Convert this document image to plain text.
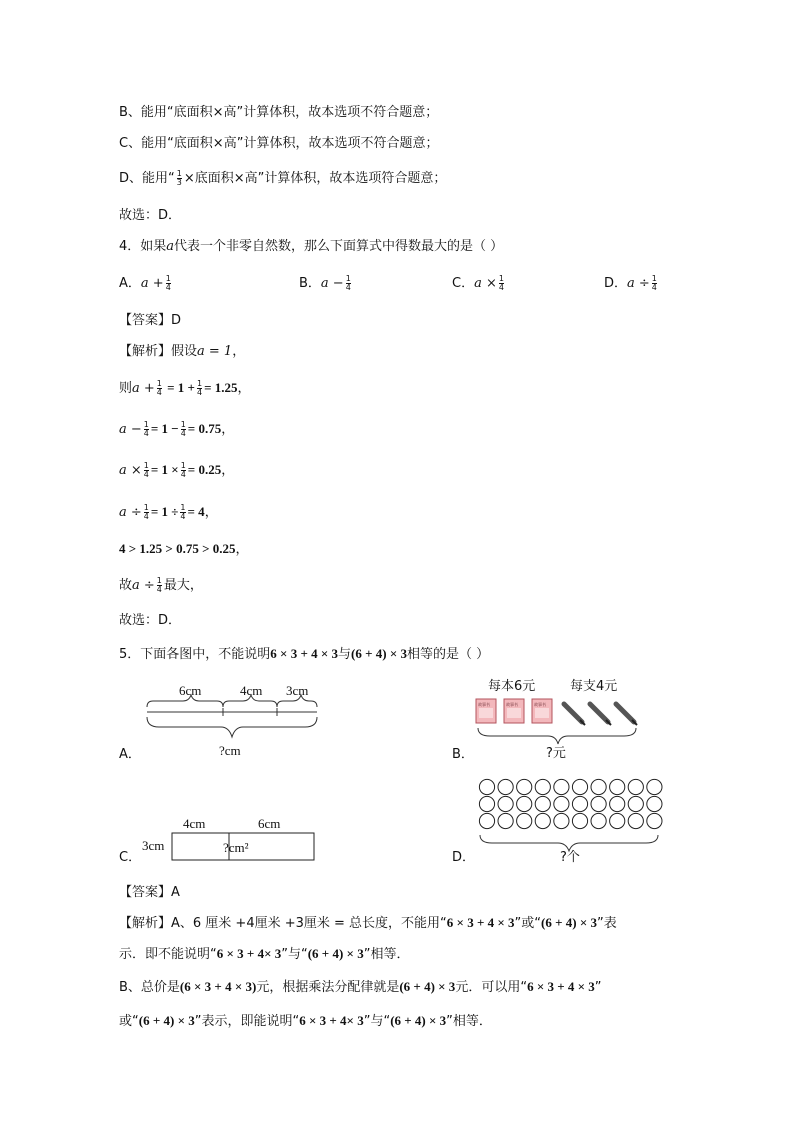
B、能用“底面积×高”计算体积，故本选项不符合题意；
C、能用“底面积×高”计算体积，故本选项不符合题意；
D、能用“ $\frac{1}{3}$ ×底面积×高”计算体积，故本选项符合题意；
故选：D．
4．如果a代表一个非零自然数，那么下面算式中得数最大的是（ ）
A．$a + \frac{1}{4}$	B．$a - \frac{1}{4}$	C．$a \times \frac{1}{4}$	D．$a \div \frac{1}{4}$
【答案】D
【解析】假设a = 1，
则$a + \frac{1}{4} = 1 + \frac{1}{4} = 1.25$，
$a - \frac{1}{4} = 1 - \frac{1}{4} = 0.75$，
$a \times \frac{1}{4} = 1 \times \frac{1}{4} = 0.25$，
$a \div \frac{1}{4} = 1 \div \frac{1}{4} = 4$，
4 > 1.25 > 0.75 > 0.25，
故$a \div \frac{1}{4}$ 最大，
故选：D．
5．下面各图中，不能说明6 × 3 + 4 × 3与(6 + 4) × 3相等的是（ ）
6cm	4cm 3cm
?cm
A．
每本6元	每支4元
故事书	故事书	故事书
?元
B．
4cm	6cm
3cm	?cm²
C．	?个
D．
【答案】A
【解析】A、6 厘米 +4厘米 +3厘米 = 总长度，不能用“6 × 3 + 4 × 3”或“(6 + 4) × 3”表
示．即不能说明“6 × 3 + 4× 3”与“(6 + 4) × 3”相等．
B、总价是(6 × 3 + 4 × 3)元，根据乘法分配律就是(6 + 4) × 3元．可以用“6 × 3 + 4 × 3”
或“(6 + 4) × 3”表示，即能说明“6 × 3 + 4× 3”与“(6 + 4) × 3”相等．
